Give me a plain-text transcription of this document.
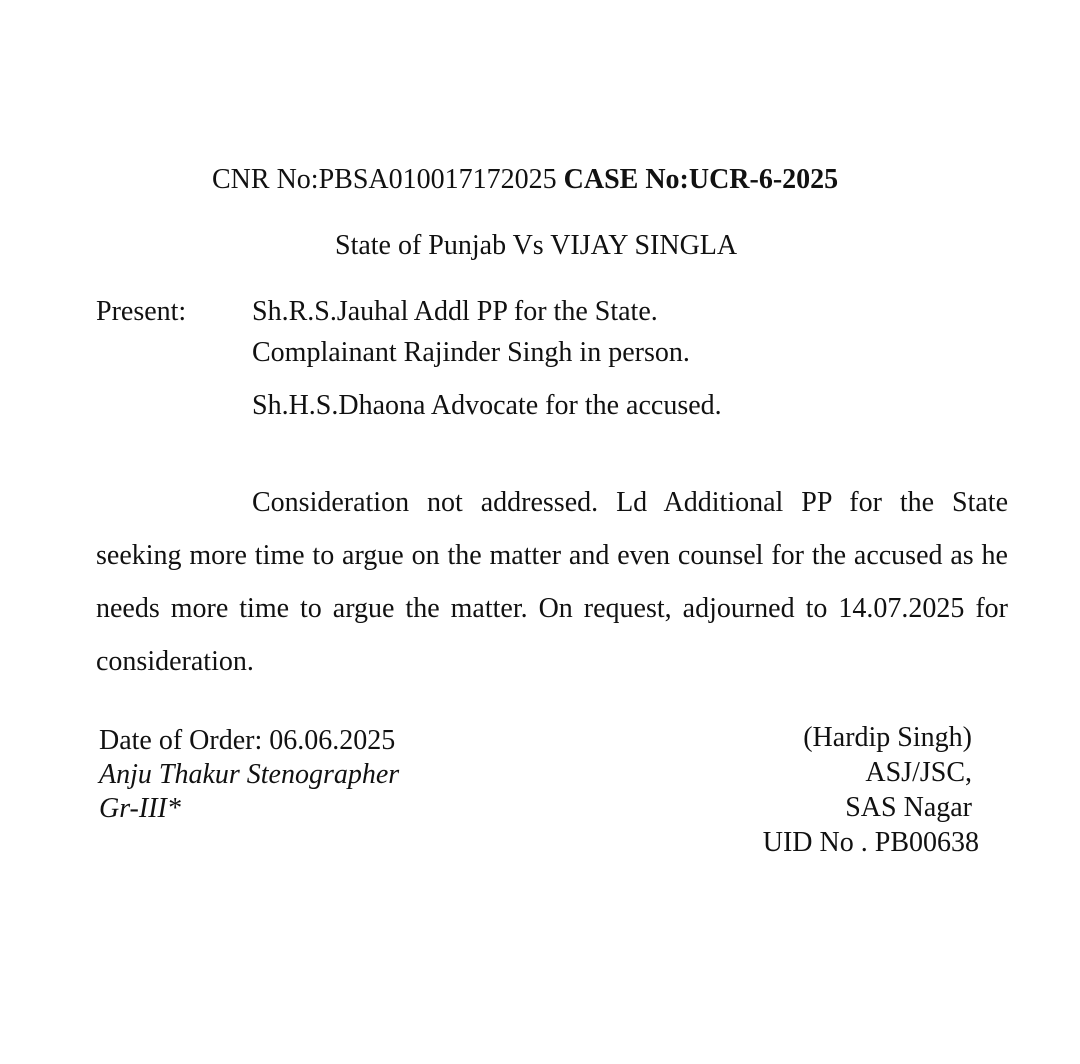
CNR No:PBSA010017172025 CASE No:UCR-6-2025
State of Punjab Vs VIJAY SINGLA
Present: Sh.R.S.Jauhal Addl PP for the State.
Complainant Rajinder Singh in person.
Sh.H.S.Dhaona Advocate for the accused.

Consideration not addressed. Ld Additional PP for the State seeking more time to argue on the matter and even counsel for the accused as he needs more time to argue the matter. On request, adjourned to 14.07.2025 for consideration.

Date of Order: 06.06.2025
Anju Thakur Stenographer
Gr-III*
(Hardip Singh)
ASJ/JSC,
SAS Nagar
UID No . PB00638
